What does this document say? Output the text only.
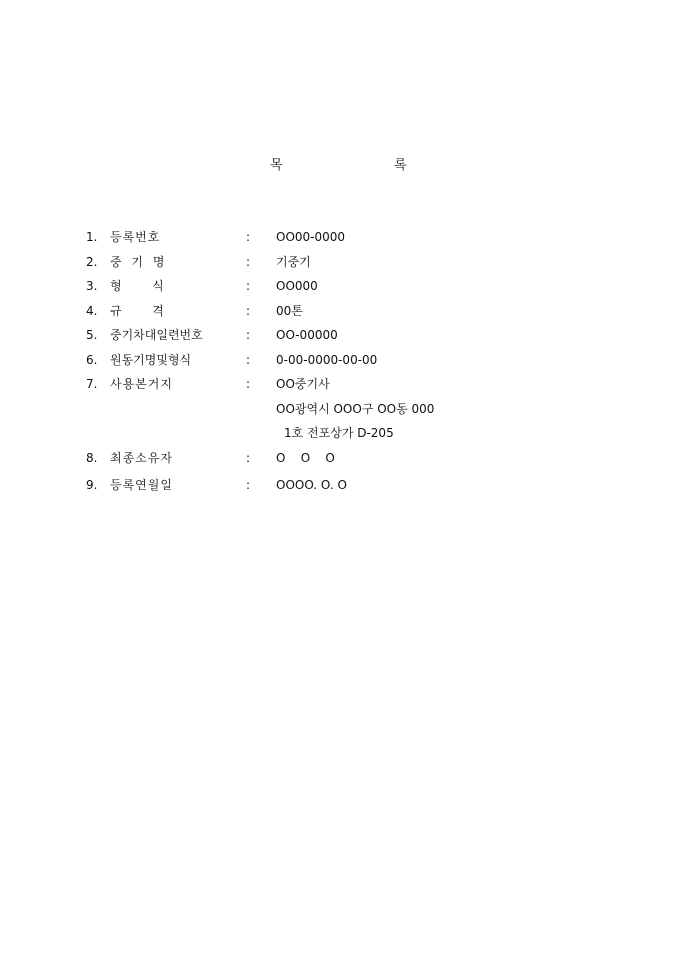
목	록
1. 등록번호	: OO00-0000
2. 중 기 명	: 기중기
3. 형        식	: OO000
4. 규        격	: 00톤
5. 중기차대일련번호	: OO-00000
6. 원동기명및형식	: 0-00-0000-00-00
7. 사용본거지	: OO중기사
OO광역시 OOO구 OO동 000
1호 전포상가 D-205
8. 최종소유자	: O    O    O
9. 등록연월일	: OOOO. O. O
